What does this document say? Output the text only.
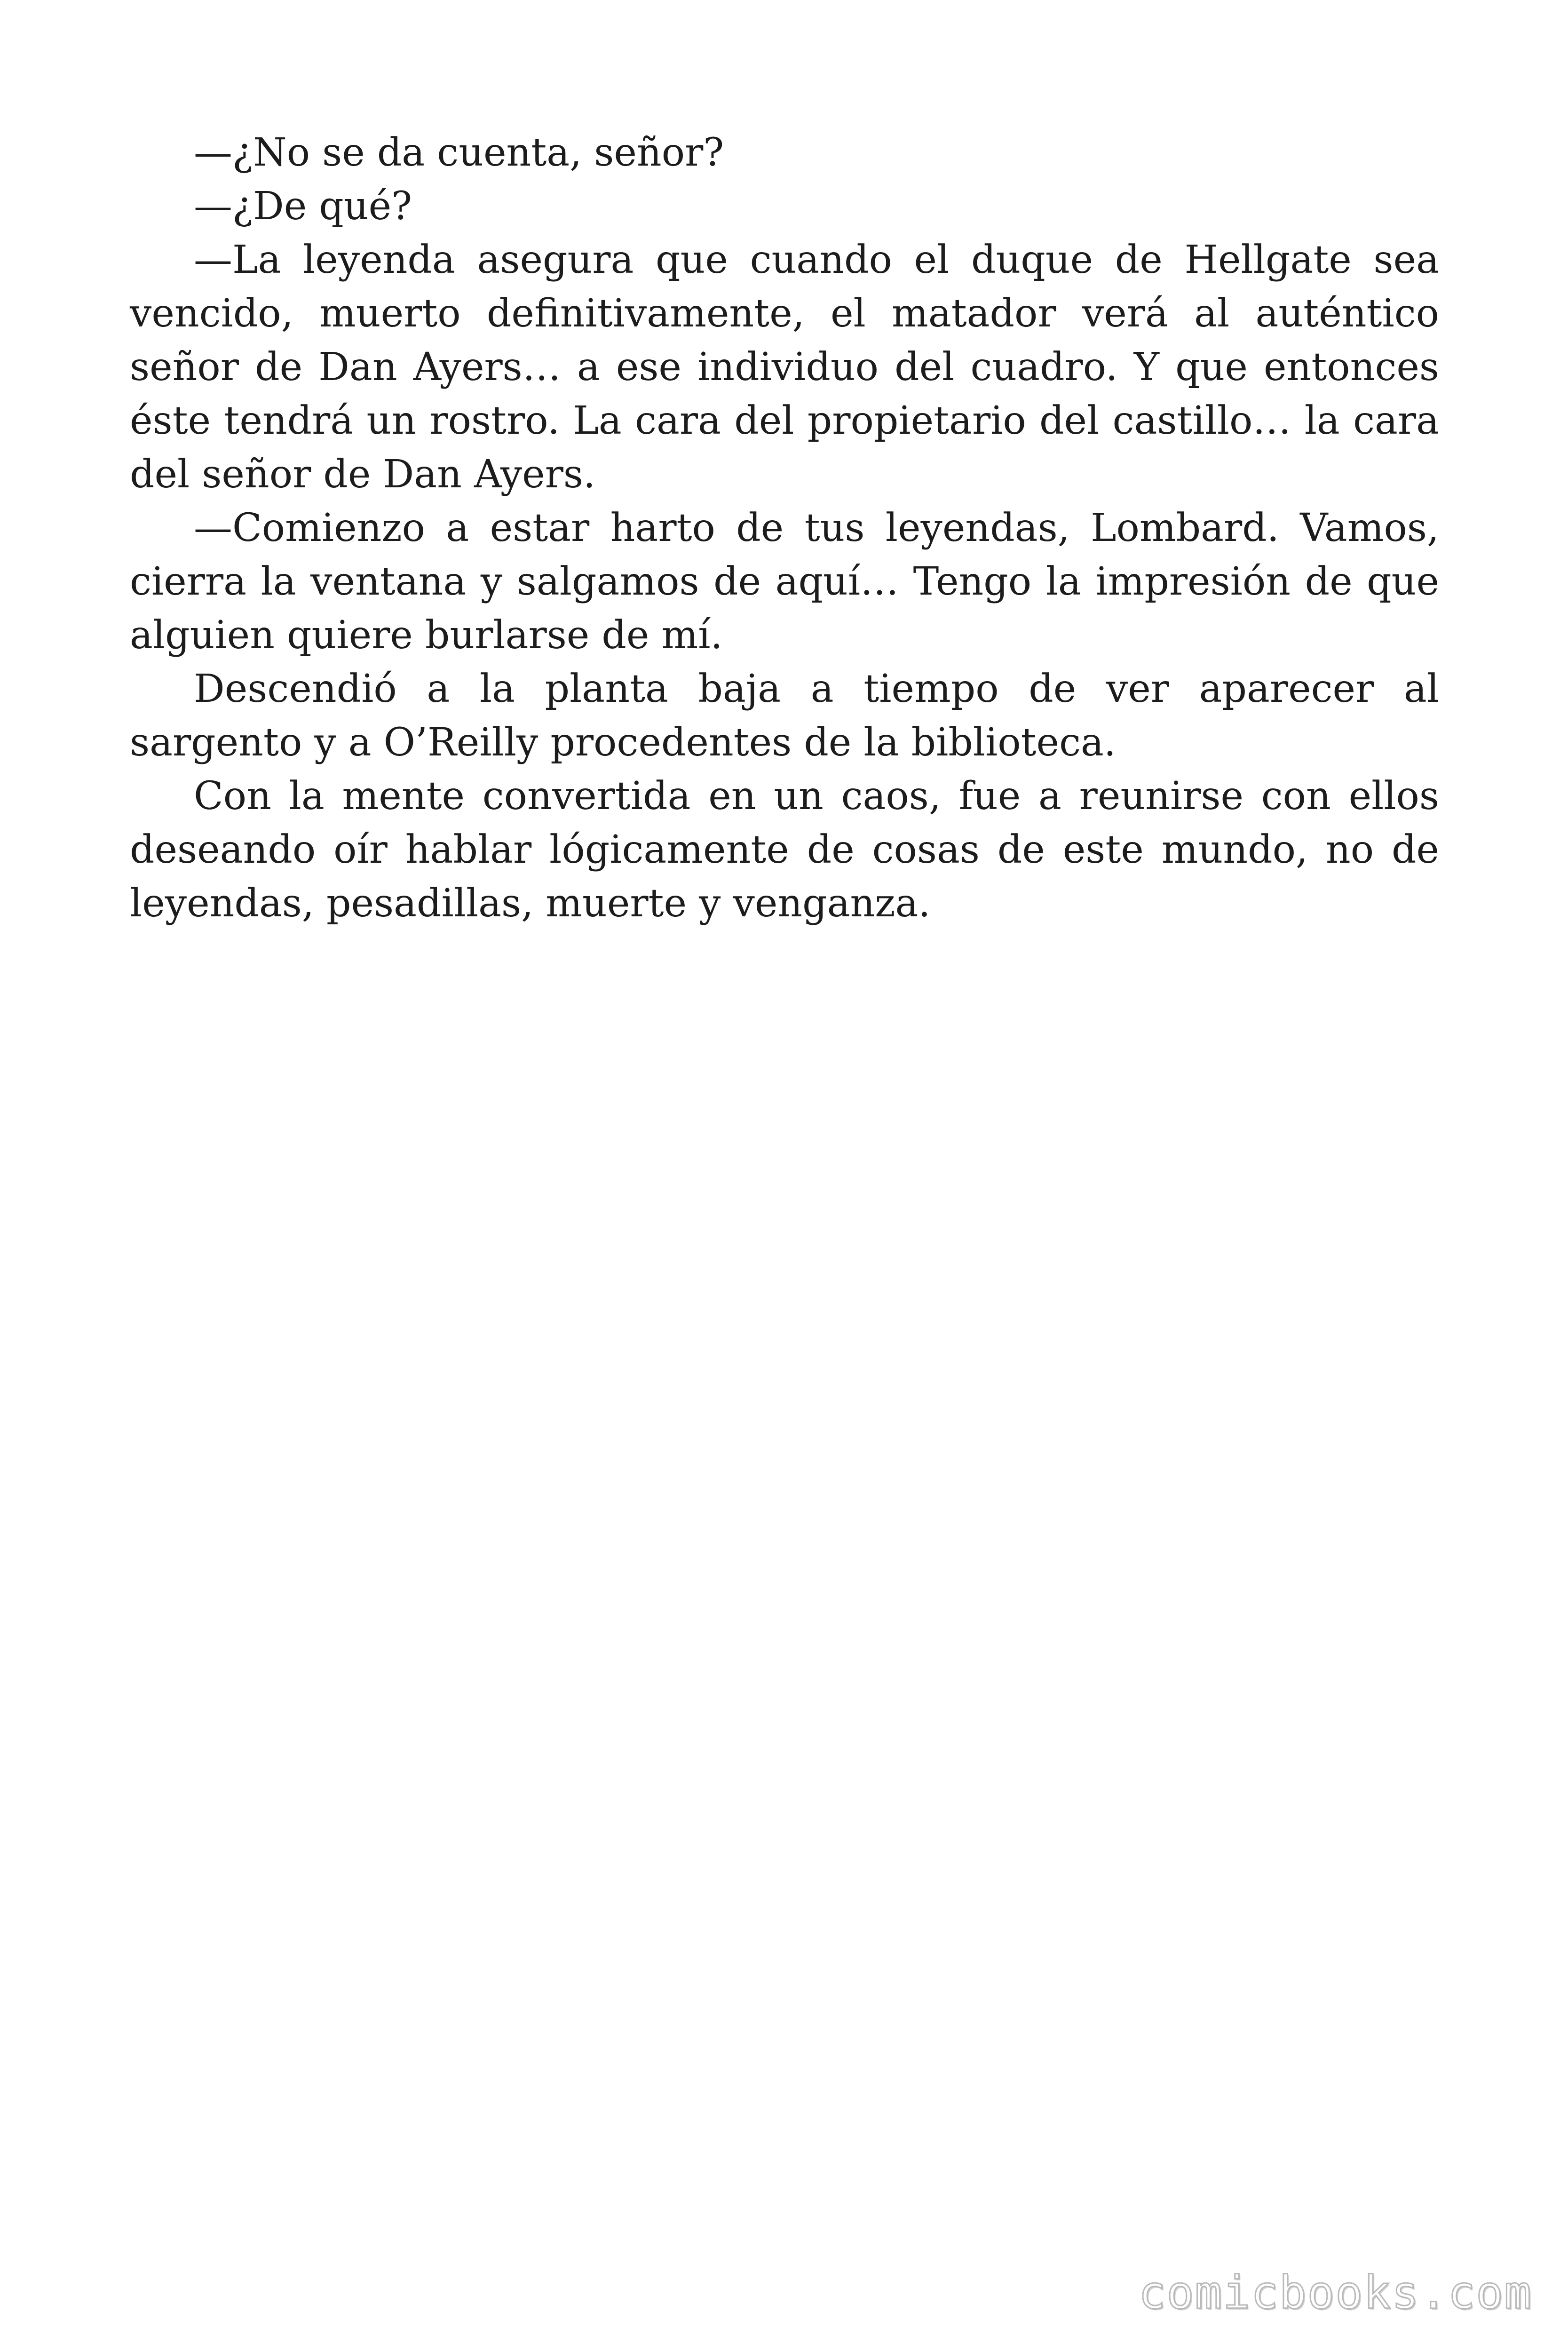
—¿No se da cuenta, señor?

—¿De qué?

—La leyenda asegura que cuando el duque de Hellgate sea vencido, muerto definitivamente, el matador verá al auténtico señor de Dan Ayers… a ese individuo del cuadro. Y que entonces éste tendrá un rostro. La cara del propietario del castillo… la cara del señor de Dan Ayers.

—Comienzo a estar harto de tus leyendas, Lombard. Vamos, cierra la ventana y salgamos de aquí… Tengo la impresión de que alguien quiere burlarse de mí.

Descendió a la planta baja a tiempo de ver aparecer al sargento y a O’Reilly procedentes de la biblioteca.

Con la mente convertida en un caos, fue a reunirse con ellos deseando oír hablar lógicamente de cosas de este mundo, no de leyendas, pesadillas, muerte y venganza.

comicbooks.com
